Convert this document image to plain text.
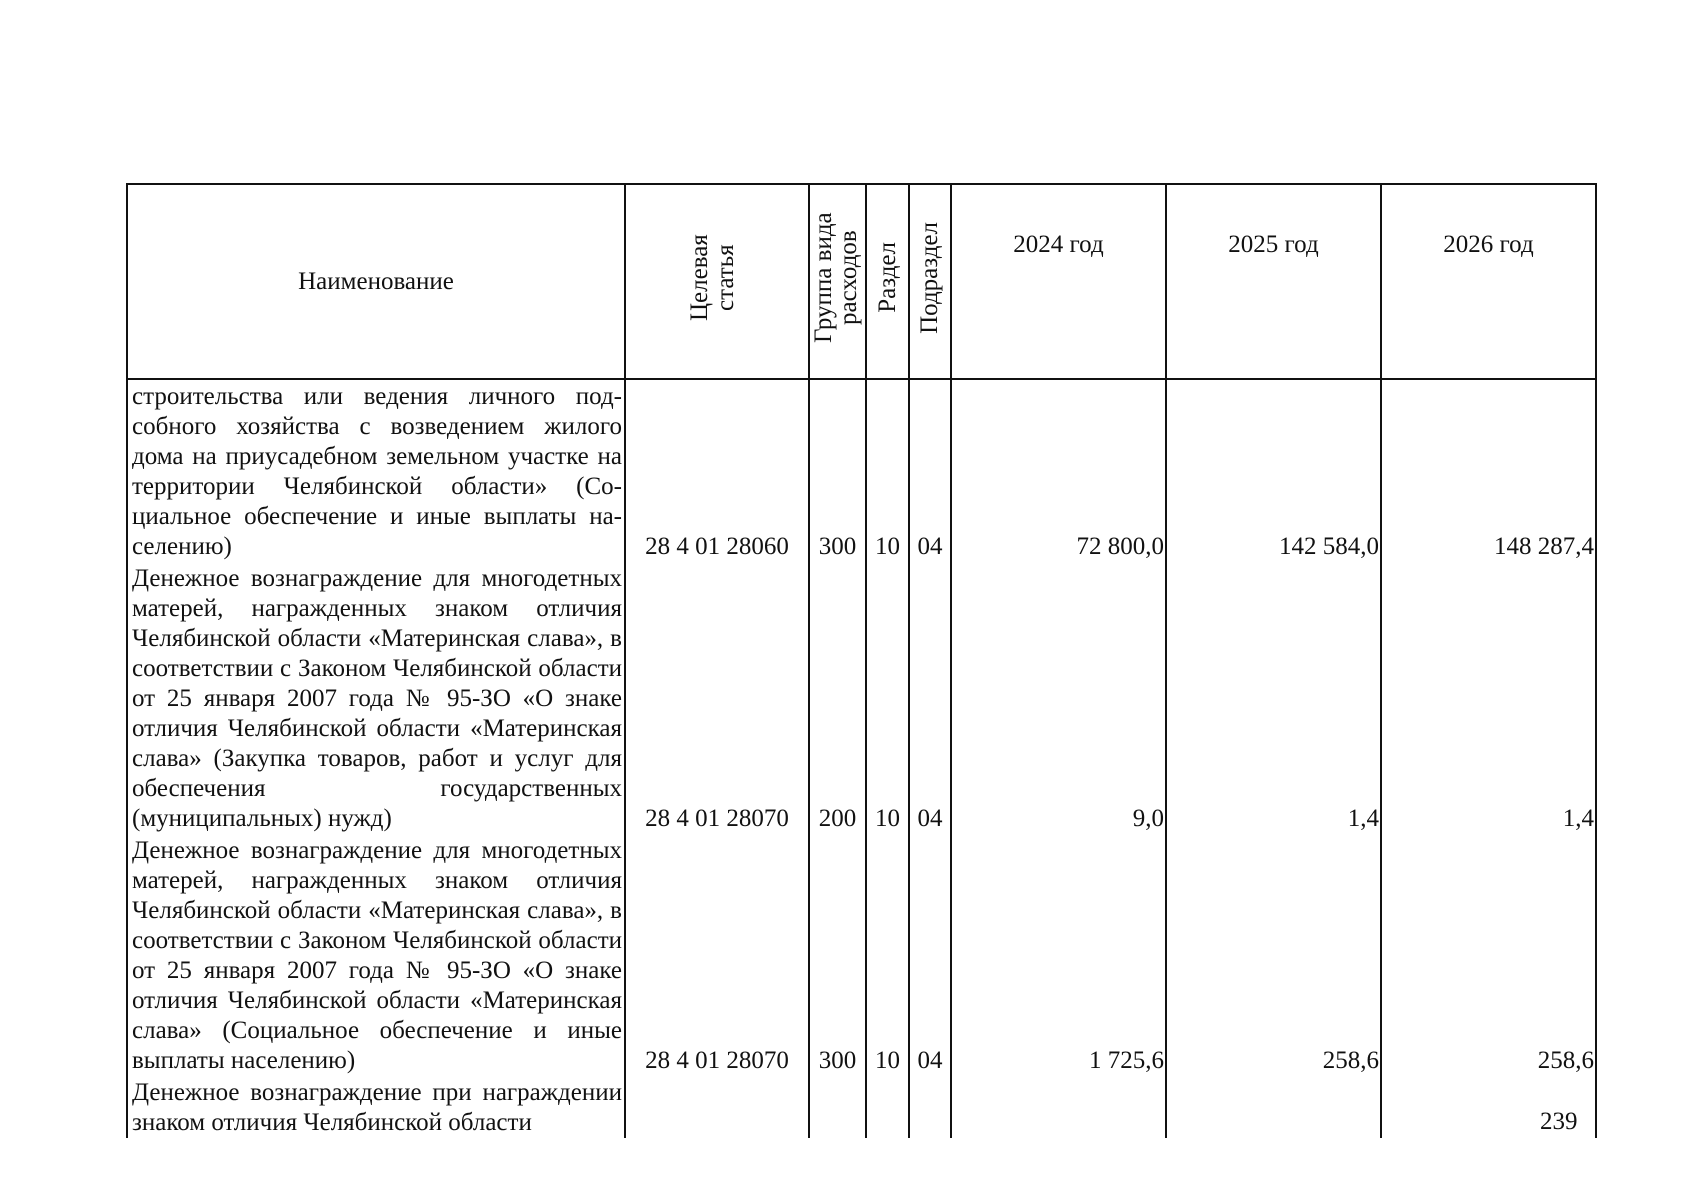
Наименование	Целевая статья	Группа вида расходов	Раздел	Подраздел	2024 год	2025 год	2026 год
строительства или ведения личного подсобного хозяйства с возведением жилого дома на приусадебном земельном участке на территории Челябинской области» (Социальное обеспечение и иные выплаты населению)	28 4 01 28060	300	10	04	72 800,0	142 584,0	148 287,4
Денежное вознаграждение для многодетных матерей, награжденных знаком отличия Челябинской области «Материнская слава», в соответствии с Законом Челябинской области от 25 января 2007 года № 95-ЗО «О знаке отличия Челябинской области «Материнская слава» (Закупка товаров, работ и услуг для обеспечения государственных (муниципальных) нужд)	28 4 01 28070	200	10	04	9,0	1,4	1,4
Денежное вознаграждение для многодетных матерей, награжденных знаком отличия Челябинской области «Материнская слава», в соответствии с Законом Челябинской области от 25 января 2007 года № 95-ЗО «О знаке отличия Челябинской области «Материнская слава» (Социальное обеспечение и иные выплаты населению)	28 4 01 28070	300	10	04	1 725,6	258,6	258,6
Денежное вознаграждение при награждении знаком отличия Челябинской области								239
